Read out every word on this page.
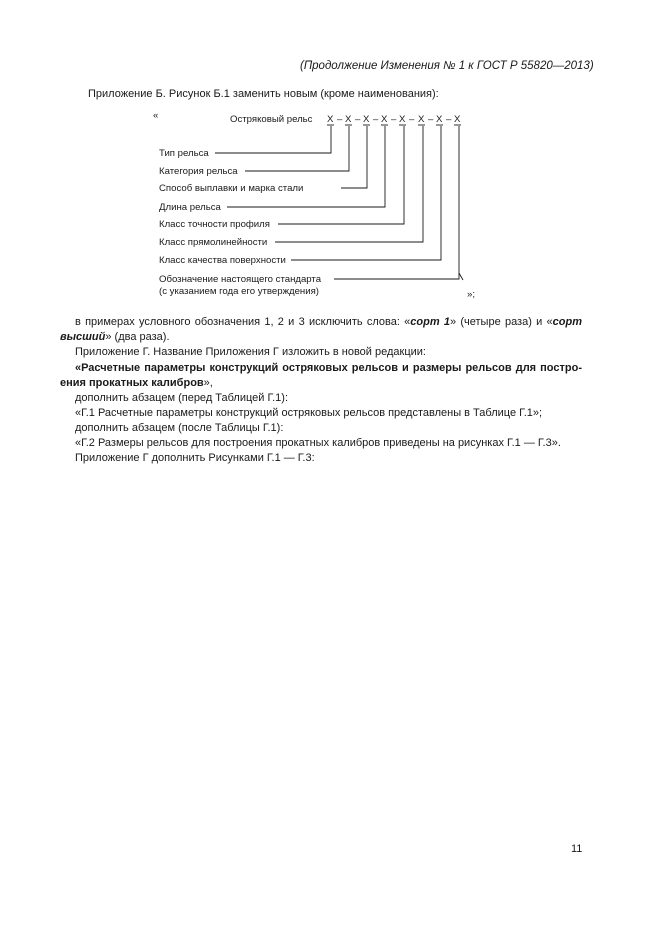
(Продолжение Изменения № 1 к ГОСТ Р 55820—2013)
Приложение Б. Рисунок Б.1 заменить новым (кроме наименования):
«	Остряковый рельс Х – Х – Х – Х – Х – Х – Х – Х
Тип рельса
Категория рельса
Способ выплавки и марка стали
Длина рельса
Класс точности профиля
Класс прямолинейности
Класс качества поверхности
Обозначение настоящего стандарта
(с указанием года его утверждения)	»;
в примерах условного обозначения 1, 2 и 3 исключить слова: «сорт 1» (четыре раза) и «сорт
высший» (два раза).
Приложение Г. Название Приложения Г изложить в новой редакции:
«Расчетные параметры конструкций остряковых рельсов и размеры рельсов для постро-
ения прокатных калибров»,
дополнить абзацем (перед Таблицей Г.1):
«Г.1 Расчетные параметры конструкций остряковых рельсов представлены в Таблице Г.1»;
дополнить абзацем (после Таблицы Г.1):
«Г.2 Размеры рельсов для построения прокатных калибров приведены на рисунках Г.1 — Г.3».
Приложение Г дополнить Рисунками Г.1 — Г.3:
11
